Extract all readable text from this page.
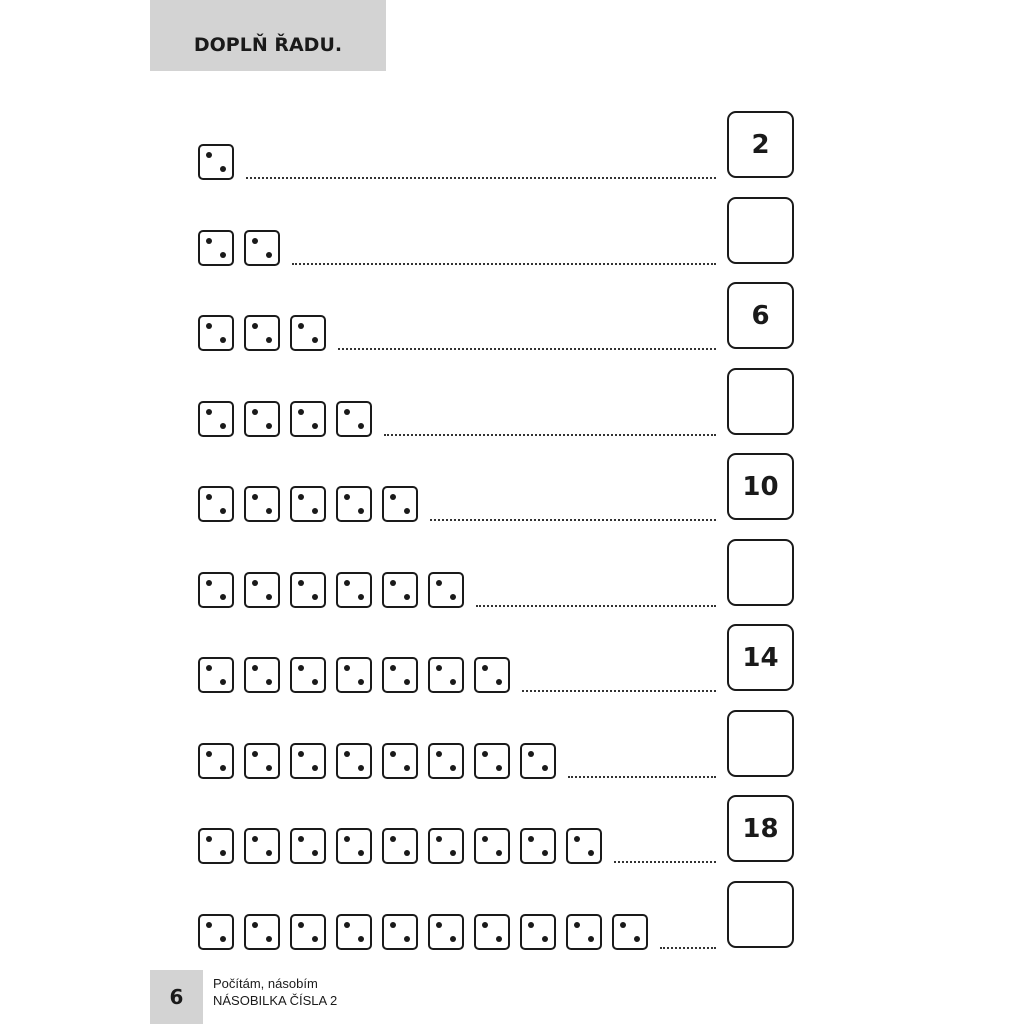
DOPLŇ ŘADU.
2
6
10
14
18
6
Počítám, násobím
NÁSOBILKA ČÍSLA 2
